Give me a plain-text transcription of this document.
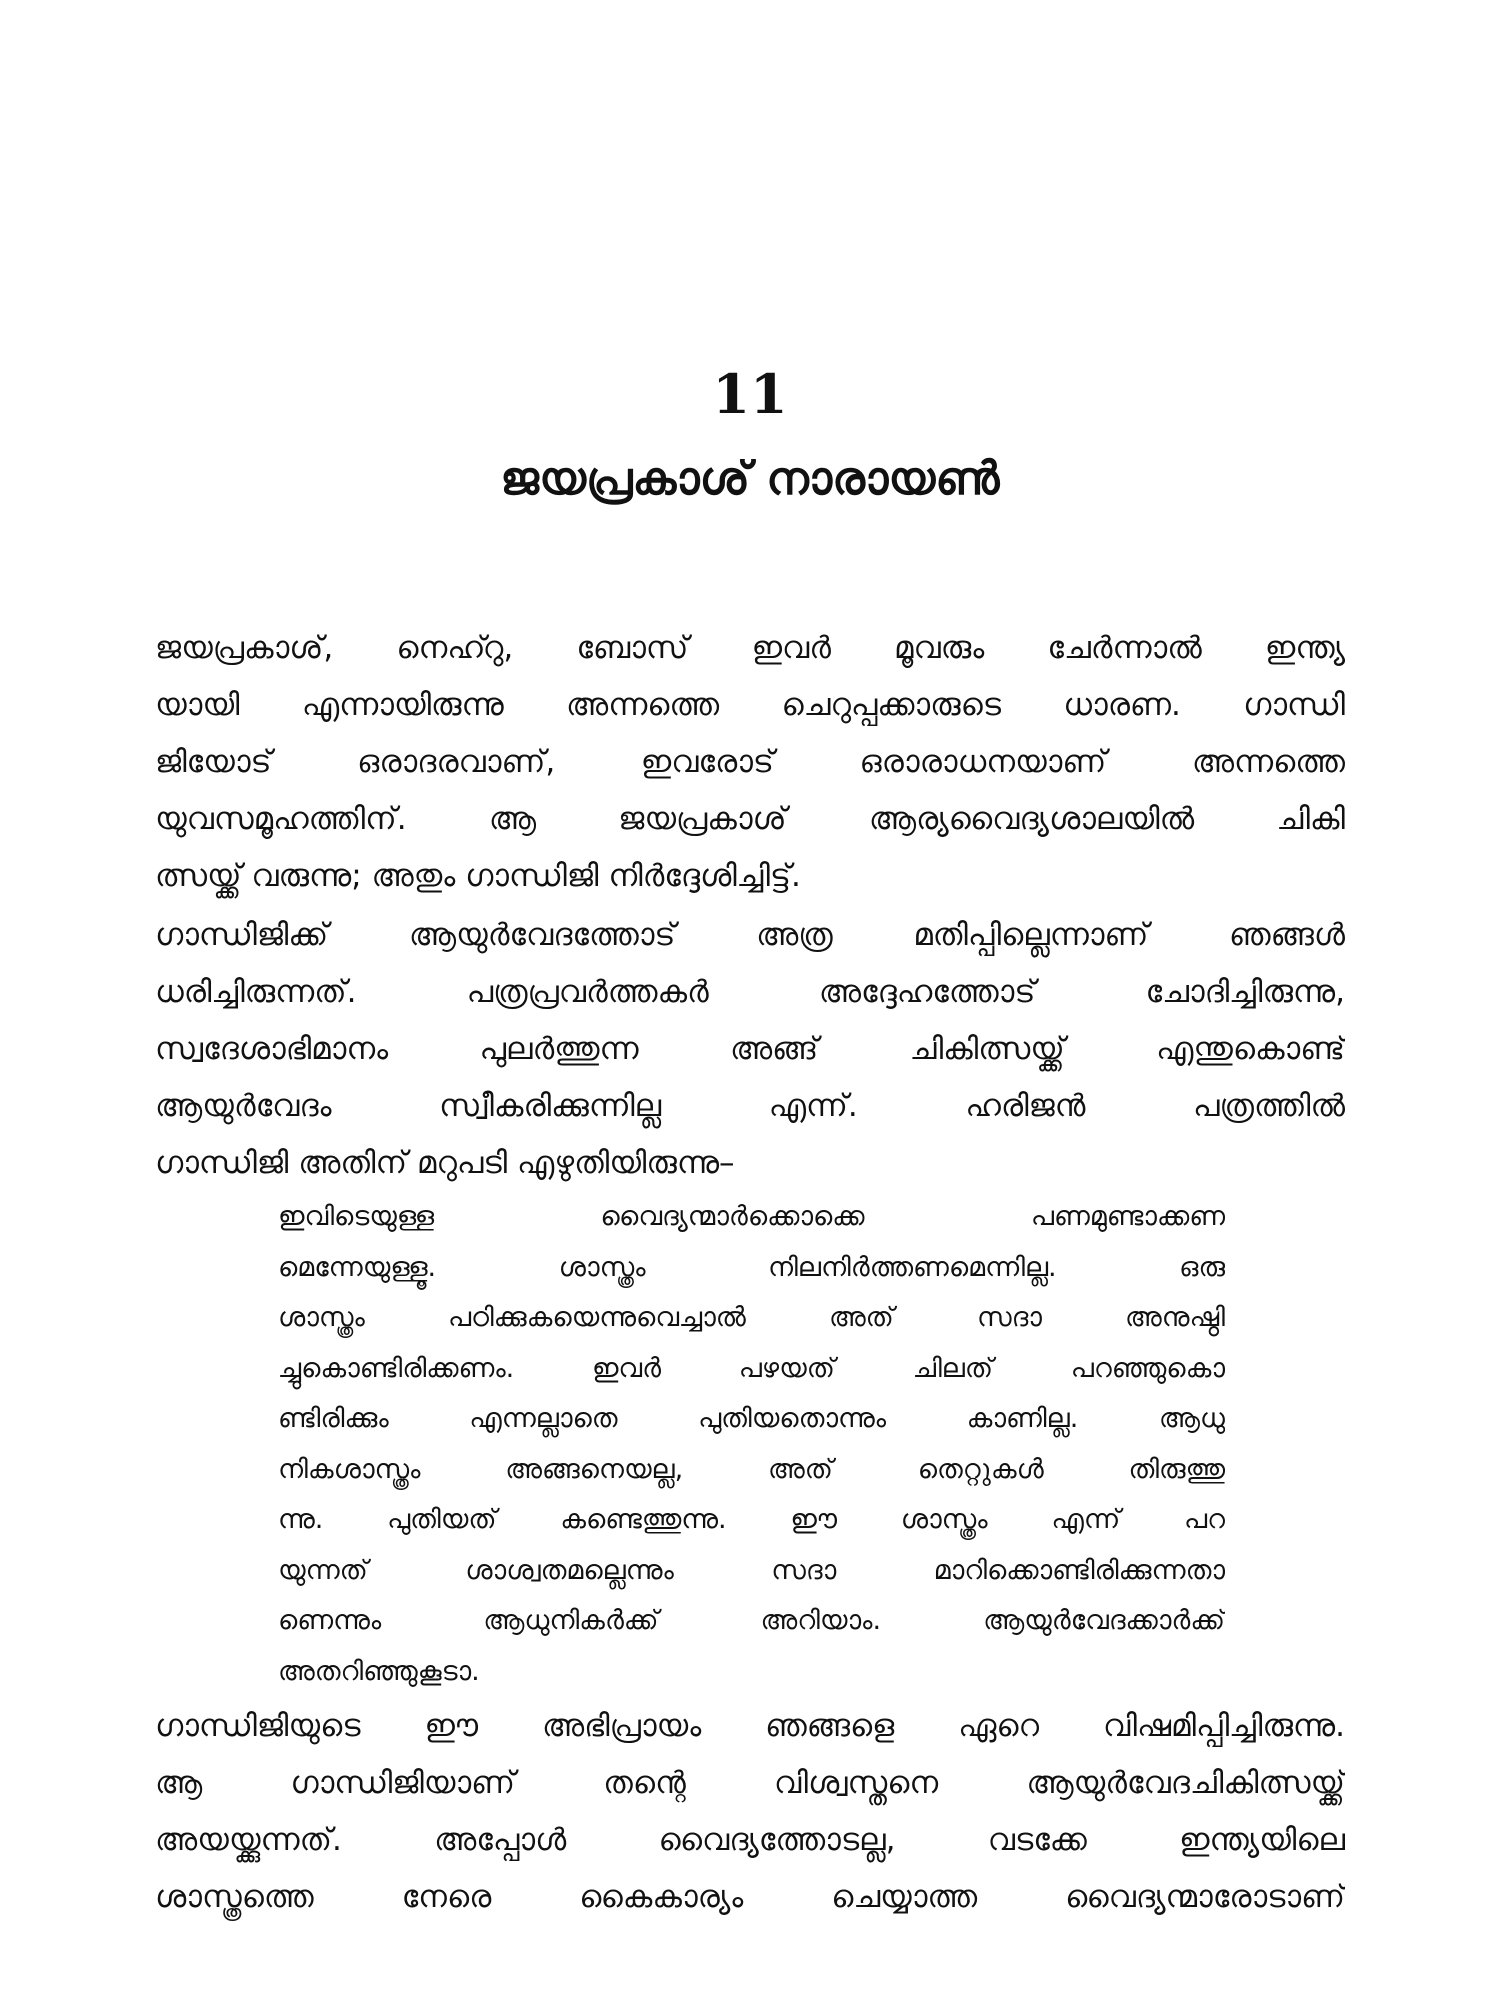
11
ജയപ്രകാശ് നാരായൺ
ജയപ്രകാശ്, നെഹ്റു, ബോസ് ഇവർ മൂവരും ചേർന്നാൽ ഇന്ത്യ
യായി എന്നായിരുന്നു അന്നത്തെ ചെറുപ്പക്കാരുടെ ധാരണ. ഗാന്ധി
ജിയോട് ഒരാദരവാണ്, ഇവരോട് ഒരാരാധനയാണ് അന്നത്തെ
യുവസമൂഹത്തിന്. ആ ജയപ്രകാശ് ആര്യവൈദ്യശാലയിൽ ചികി
ത്സയ്ക്ക് വരുന്നു; അതും ഗാന്ധിജി നിർദ്ദേശിച്ചിട്ട്.
ഗാന്ധിജിക്ക് ആയുർവേദത്തോട് അത്ര മതിപ്പില്ലെന്നാണ് ഞങ്ങൾ
ധരിച്ചിരുന്നത്. പത്രപ്രവർത്തകർ അദ്ദേഹത്തോട് ചോദിച്ചിരുന്നു,
സ്വദേശാഭിമാനം പുലർത്തുന്ന അങ്ങ് ചികിത്സയ്ക്ക് എന്തുകൊണ്ട്
ആയുർവേദം സ്വീകരിക്കുന്നില്ല എന്ന്. ഹരിജൻ പത്രത്തിൽ
ഗാന്ധിജി അതിന് മറുപടി എഴുതിയിരുന്നു–
ഇവിടെയുള്ള വൈദ്യന്മാർക്കൊക്കെ പണമുണ്ടാക്കണ
മെന്നേയുള്ളൂ. ശാസ്ത്രം നിലനിർത്തണമെന്നില്ല. ഒരു
ശാസ്ത്രം പഠിക്കുകയെന്നുവെച്ചാൽ അത് സദാ അനുഷ്ഠി
ച്ചുകൊണ്ടിരിക്കണം. ഇവർ പഴയത് ചിലത് പറഞ്ഞുകൊ
ണ്ടിരിക്കും എന്നല്ലാതെ പുതിയതൊന്നും കാണില്ല. ആധു
നികശാസ്ത്രം അങ്ങനെയല്ല, അത് തെറ്റുകൾ തിരുത്തു
ന്നു. പുതിയത് കണ്ടെത്തുന്നു. ഈ ശാസ്ത്രം എന്ന് പറ
യുന്നത് ശാശ്വതമല്ലെന്നും സദാ മാറിക്കൊണ്ടിരിക്കുന്നതാ
ണെന്നും ആധുനികർക്ക് അറിയാം. ആയുർവേദക്കാർക്ക്
അതറിഞ്ഞുകൂടാ.
ഗാന്ധിജിയുടെ ഈ അഭിപ്രായം ഞങ്ങളെ ഏറെ വിഷമിപ്പിച്ചിരുന്നു.
ആ ഗാന്ധിജിയാണ് തന്റെ വിശ്വസ്തനെ ആയുർവേദചികിത്സയ്ക്ക്
അയയ്ക്കുന്നത്. അപ്പോൾ വൈദ്യത്തോടല്ല, വടക്കേ ഇന്ത്യയിലെ
ശാസ്ത്രത്തെ നേരെ കൈകാര്യം ചെയ്യാത്ത വൈദ്യന്മാരോടാണ്
